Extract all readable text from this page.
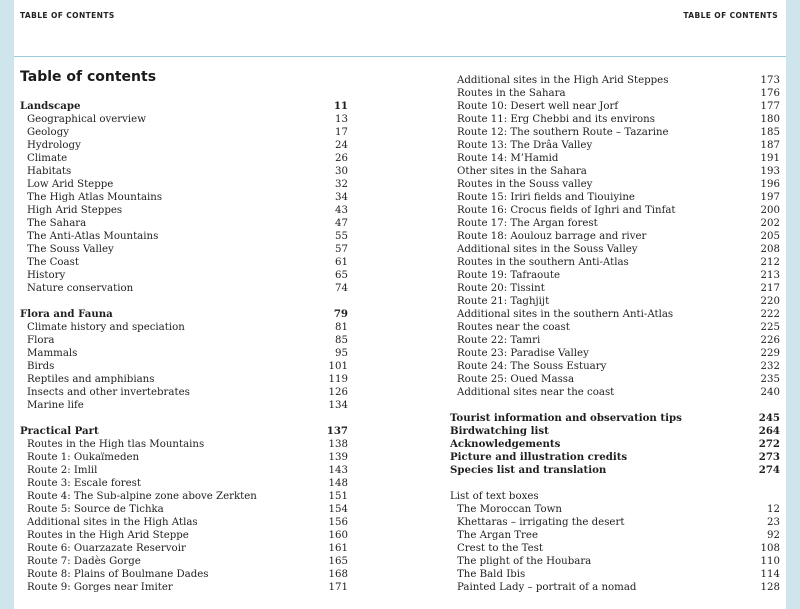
TABLE OF CONTENTS	TABLE OF CONTENTS
Table of contents
Landscape	11
Geographical overview	13
Geology	17
Hydrology	24
Climate	26
Habitats	30
Low Arid Steppe	32
The High Atlas Mountains	34
High Arid Steppes	43
The Sahara	47
The Anti-Atlas Mountains	55
The Souss Valley	57
The Coast	61
History	65
Nature conservation	74
Flora and Fauna	79
Climate history and speciation	81
Flora	85
Mammals	95
Birds	101
Reptiles and amphibians	119
Insects and other invertebrates	126
Marine life	134
Practical Part	137
Routes in the High tlas Mountains	138
Route 1: Oukaïmeden	139
Route 2: Imlil	143
Route 3: Escale forest	148
Route 4: The Sub-alpine zone above Zerkten	151
Route 5: Source de Tichka	154
Additional sites in the High Atlas	156
Routes in the High Arid Steppe	160
Route 6: Ouarzazate Reservoir	161
Route 7: Dadès Gorge	165
Route 8: Plains of Boulmane Dades	168
Route 9: Gorges near Imiter	171
Additional sites in the High Arid Steppes	173
Routes in the Sahara	176
Route 10: Desert well near Jorf	177
Route 11: Erg Chebbi and its environs	180
Route 12: The southern Route – Tazarine	185
Route 13: The Drâa Valley	187
Route 14: M’Hamid	191
Other sites in the Sahara	193
Routes in the Souss valley	196
Route 15: Iriri fields and Tiouiyine	197
Route 16: Crocus fields of Ighri and Tinfat	200
Route 17: The Argan forest	202
Route 18: Aoulouz barrage and river	205
Additional sites in the Souss Valley	208
Routes in the southern Anti-Atlas	212
Route 19: Tafraoute	213
Route 20: Tissint	217
Route 21: Taghjijt	220
Additional sites in the southern Anti-Atlas	222
Routes near the coast	225
Route 22: Tamri	226
Route 23: Paradise Valley	229
Route 24: The Souss Estuary	232
Route 25: Oued Massa	235
Additional sites near the coast	240
Tourist information and observation tips	245
Birdwatching list	264
Acknowledgements	272
Picture and illustration credits	273
Species list and translation	274
List of text boxes
The Moroccan Town	12
Khettaras – irrigating the desert	23
The Argan Tree	92
Crest to the Test	108
The plight of the Houbara	110
The Bald Ibis	114
Painted Lady – portrait of a nomad	128
